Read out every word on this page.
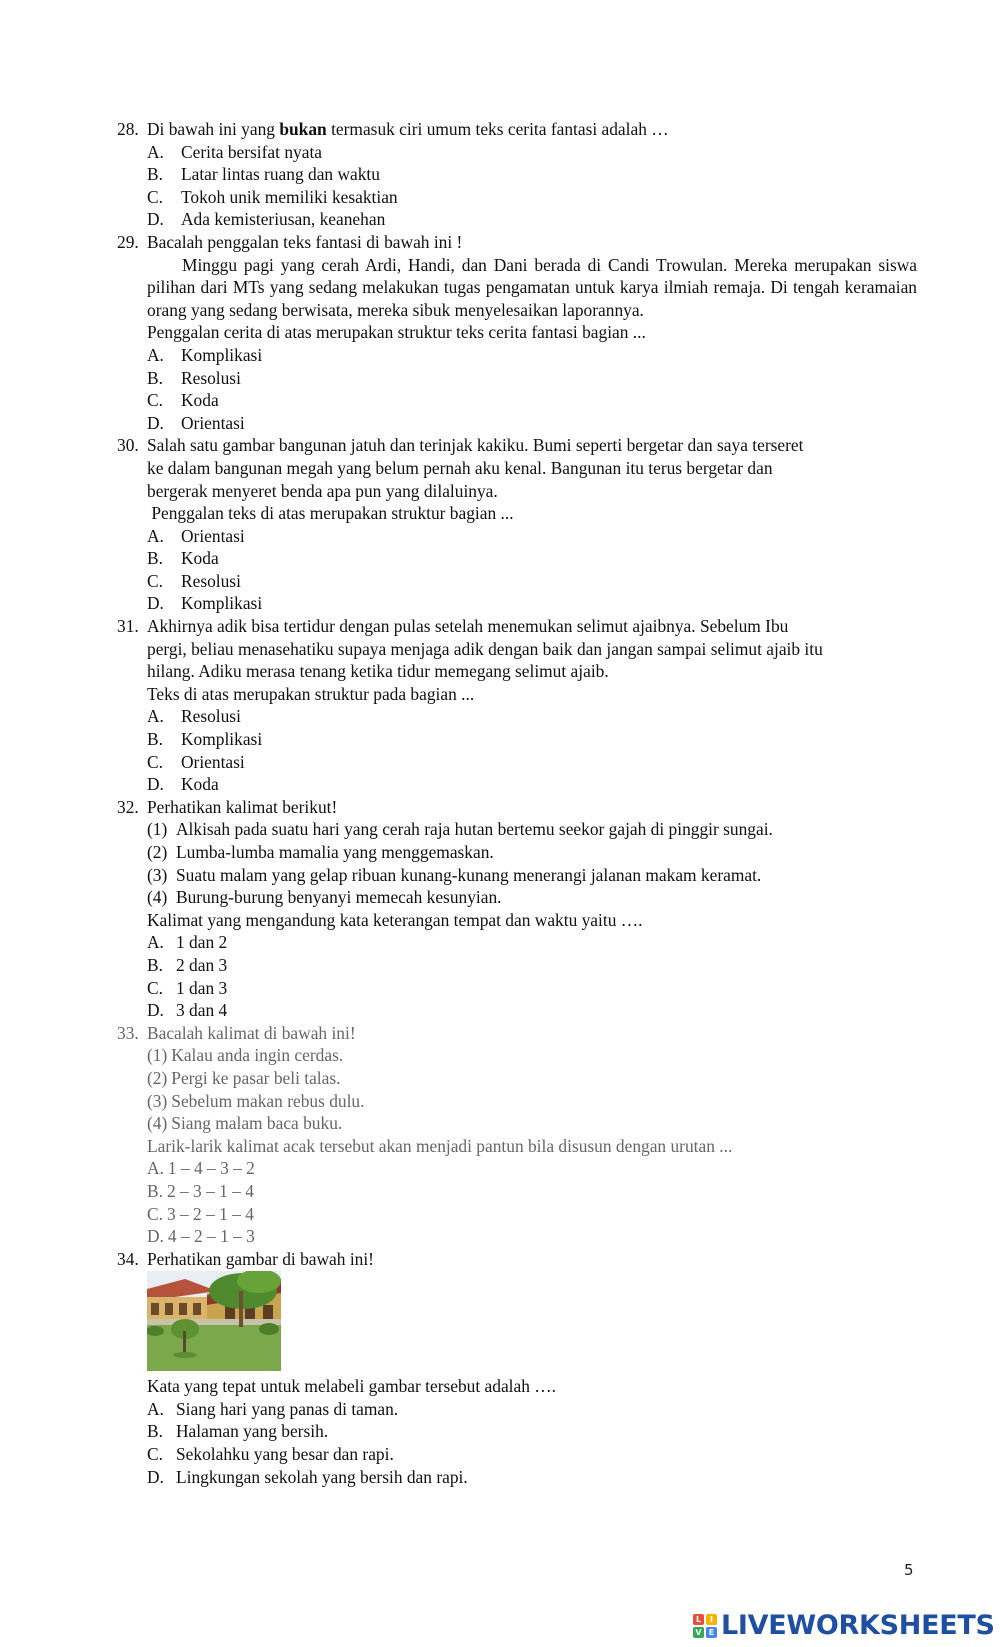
28. Di bawah ini yang bukan termasuk ciri umum teks cerita fantasi adalah …
A. Cerita bersifat nyata
B.	Latar lintas ruang dan waktu
C.	Tokoh unik memiliki kesaktian
D. Ada kemisteriusan, keanehan
29. Bacalah penggalan teks fantasi di bawah ini !
Minggu pagi yang cerah Ardi, Handi, dan Dani berada di Candi Trowulan. Mereka merupakan siswa pilihan dari MTs yang sedang melakukan tugas pengamatan untuk karya ilmiah remaja. Di tengah keramaian orang yang sedang berwisata, mereka sibuk menyelesaikan laporannya.
Penggalan cerita di atas merupakan struktur teks cerita fantasi bagian ...
A. Komplikasi
B.	Resolusi
C.	Koda
D. Orientasi
30. Salah satu gambar bangunan jatuh dan terinjak kakiku. Bumi seperti bergetar dan saya terseret
ke dalam bangunan megah yang belum pernah aku kenal. Bangunan itu terus bergetar dan
bergerak menyeret benda apa pun yang dilaluinya.
Penggalan teks di atas merupakan struktur bagian ...
A. Orientasi
B.	Koda
C.	Resolusi
D. Komplikasi
31. Akhirnya adik bisa tertidur dengan pulas setelah menemukan selimut ajaibnya. Sebelum Ibu
pergi, beliau menasehatiku supaya menjaga adik dengan baik dan jangan sampai selimut ajaib itu
hilang. Adiku merasa tenang ketika tidur memegang selimut ajaib.
Teks di atas merupakan struktur pada bagian ...
A. Resolusi
B.	Komplikasi
C.	Orientasi
D. Koda
32. Perhatikan kalimat berikut!
(1) Alkisah pada suatu hari yang cerah raja hutan bertemu seekor gajah di pinggir sungai.
(2) Lumba-lumba mamalia yang menggemaskan.
(3) Suatu malam yang gelap ribuan kunang-kunang menerangi jalanan makam keramat.
(4) Burung-burung benyanyi memecah kesunyian.
Kalimat yang mengandung kata keterangan tempat dan waktu yaitu ….
A. 1 dan 2
B. 2 dan 3
C. 1 dan 3
D. 3 dan 4
33. Bacalah kalimat di bawah ini!
(1) Kalau anda ingin cerdas.
(2) Pergi ke pasar beli talas.
(3) Sebelum makan rebus dulu.
(4) Siang malam baca buku.
Larik-larik kalimat acak tersebut akan menjadi pantun bila disusun dengan urutan ...
A. 1 – 4 – 3 – 2
B. 2 – 3 – 1 – 4
C. 3 – 2 – 1 – 4
D. 4 – 2 – 1 – 3
34. Perhatikan gambar di bawah ini!
Kata yang tepat untuk melabeli gambar tersebut adalah ….
A. Siang hari yang panas di taman.
B. Halaman yang bersih.
C. Sekolahku yang besar dan rapi.
D. Lingkungan sekolah yang bersih dan rapi.
5
L	I
V E LIVEWORKSHEETS
